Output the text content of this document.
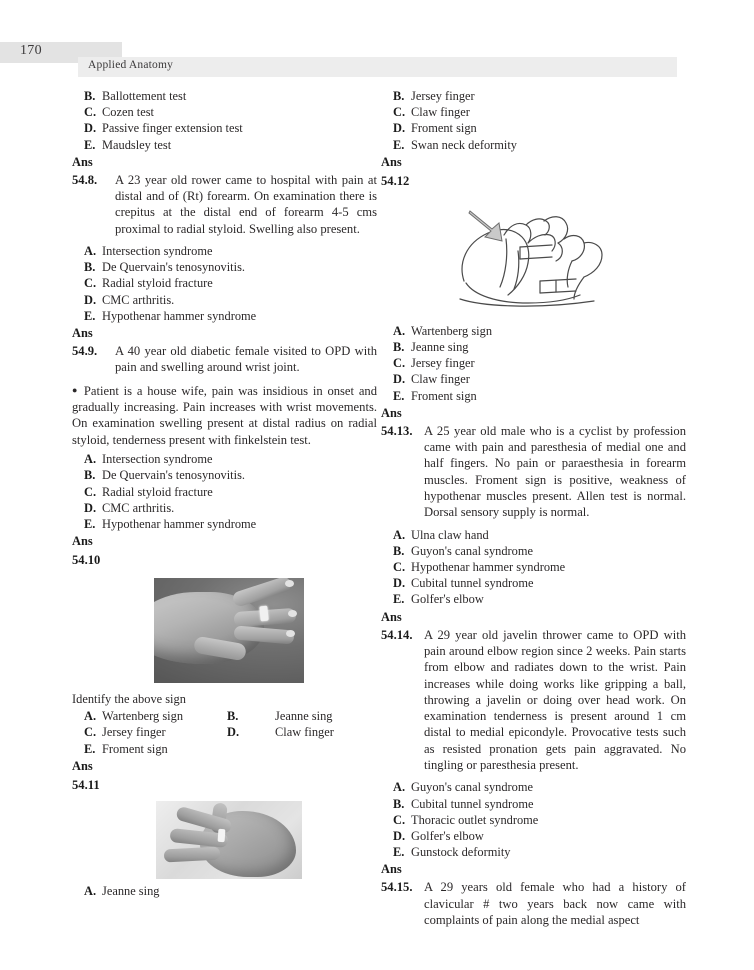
170
Applied Anatomy
B. Ballottement test
C. Cozen test
D. Passive finger extension test
E. Maudsley test
Ans
54.8.	A 23 year old rower came to hospital with pain at distal and of (Rt) forearm. On examination there is crepitus at the distal end of forearm 4-5 cms proximal to radial styloid. Swelling also present.
A. Intersection syndrome
B. De Quervain's tenosynovitis.
C. Radial styloid fracture
D. CMC arthritis.
E. Hypothenar hammer syndrome
Ans
54.9.	A 40 year old diabetic female visited to OPD with pain and swelling around wrist joint.
● Patient is a house wife, pain was insidious in onset and gradually increasing. Pain increases with wrist movements. On examination swelling present at distal radius on radial styloid, tenderness present with finkelstein test.
A. Intersection syndrome
B. De Quervain's tenosynovitis.
C. Radial styloid fracture
D. CMC arthritis.
E. Hypothenar hammer syndrome
Ans
54.10
Identify the above sign
A. Wartenberg sign	B.	Jeanne sing
C. Jersey finger	D.	Claw finger
E. Froment sign
Ans
54.11
A. Jeanne sing
B. Jersey finger
C. Claw finger
D. Froment sign
E. Swan neck deformity
Ans
54.12
A. Wartenberg sign
B. Jeanne sing
C. Jersey finger
D. Claw finger
E. Froment sign
Ans
54.13. A 25 year old male who is a cyclist by profession came with pain and paresthesia of medial one and half fingers. No pain or paraesthesia in forearm muscles. Froment sign is positive, weakness of hypothenar muscles present. Allen test is normal. Dorsal sensory supply is normal.
A. Ulna claw hand
B. Guyon's canal syndrome
C. Hypothenar hammer syndrome
D. Cubital tunnel syndrome
E. Golfer's elbow
Ans
54.14. A 29 year old javelin thrower came to OPD with pain around elbow region since 2 weeks. Pain starts from elbow and radiates down to the wrist. Pain increases while doing works like gripping a ball, throwing a javelin or doing over head work. On examination tenderness is present around 1 cm distal to medial epicondyle. Provocative tests such as resisted pronation gets pain aggravated. No tingling or paresthesia present.
A. Guyon's canal syndrome
B. Cubital tunnel syndrome
C. Thoracic outlet syndrome
D. Golfer's elbow
E. Gunstock deformity
Ans
54.15. A 29 years old female who had a history of clavicular # two years back now came with complaints of pain along the medial aspect
